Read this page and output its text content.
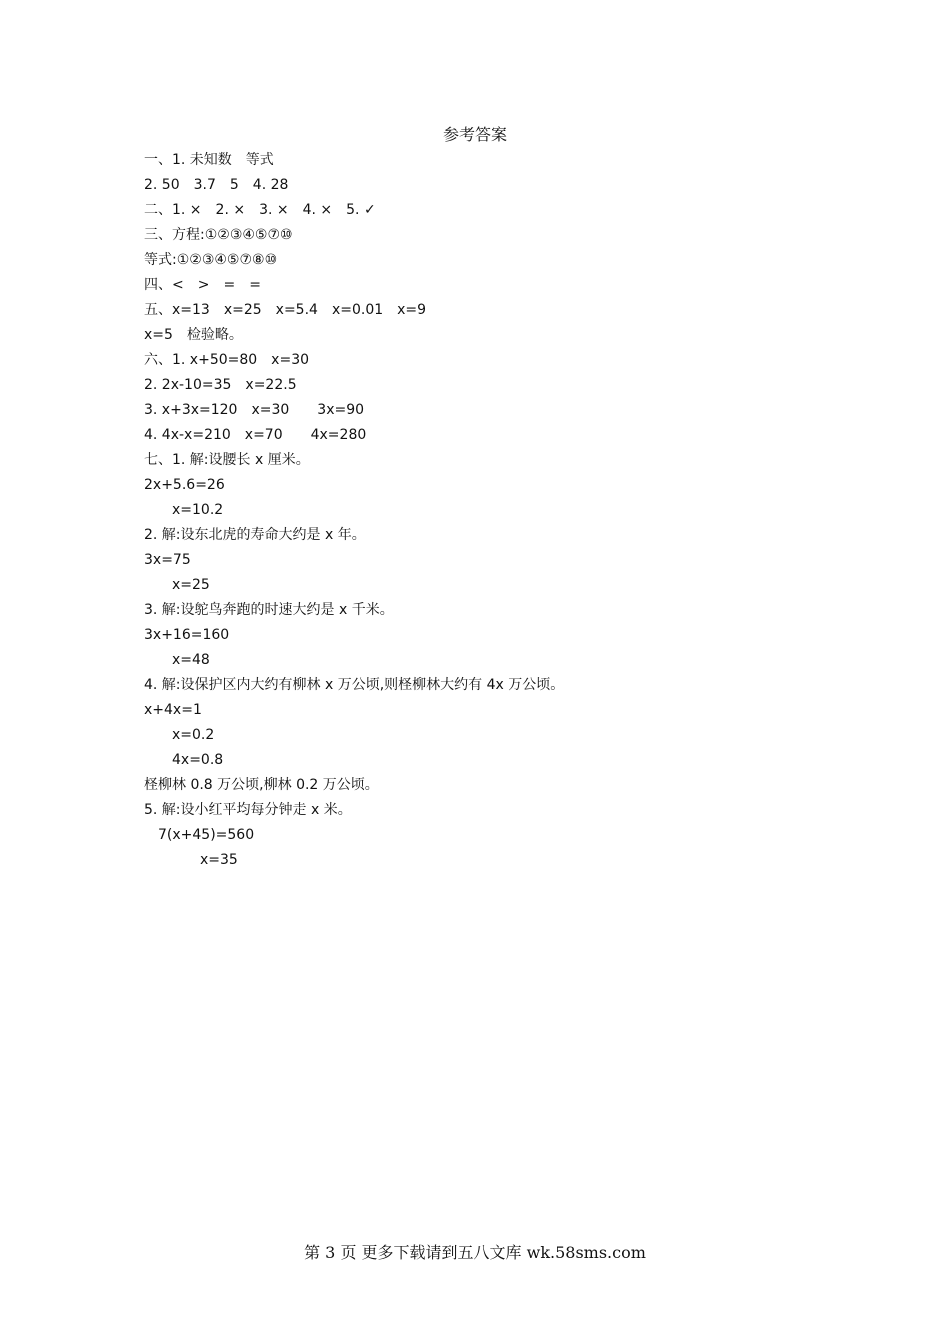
参考答案
一、1. 未知数　等式
2. 50　3.7　5　4. 28
二、1. ×　2. ×　3. ×　4. ×　5. ✓
三、方程:①②③④⑤⑦⑩
等式:①②③④⑤⑦⑧⑩
四、<　>　=　=
五、x=13　x=25　x=5.4　x=0.01　x=9
x=5　检验略。
六、1. x+50=80　x=30
2. 2x-10=35　x=22.5
3. x+3x=120　x=30　　3x=90
4. 4x-x=210　x=70　　4x=280
七、1. 解:设腰长 x 厘米。
2x+5.6=26
　　x=10.2
2. 解:设东北虎的寿命大约是 x 年。
3x=75
　　x=25
3. 解:设鸵鸟奔跑的时速大约是 x 千米。
3x+16=160
　　x=48
4. 解:设保护区内大约有柳林 x 万公顷,则柽柳林大约有 4x 万公顷。
x+4x=1
　　x=0.2
　　4x=0.8
柽柳林 0.8 万公顷,柳林 0.2 万公顷。
5. 解:设小红平均每分钟走 x 米。
　7(x+45)=560
　　　　x=35
第 3 页 更多下载请到五八文库 wk.58sms.com
